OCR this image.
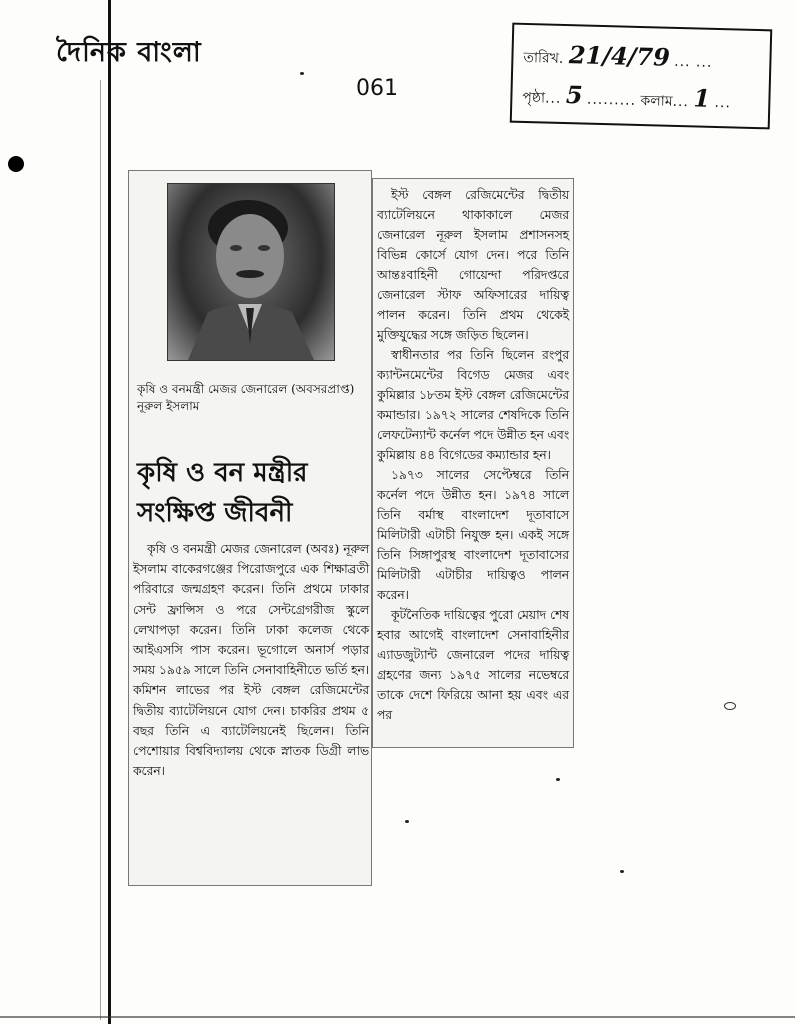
দৈনিক বাংলা
061
তারিখ. 21/4/79 ... ...
পৃষ্ঠা... 5 ......... কলাম... 1 ...
কৃষি ও বনমন্ত্রী মেজর জেনারেল (অবসরপ্রাপ্ত) নূরুল ইসলাম
কৃষি ও বন মন্ত্রীর
সংক্ষিপ্ত জীবনী

কৃষি ও বনমন্ত্রী মেজর জেনারেল (অবঃ) নূরুল ইসলাম বাকেরগঞ্জের পিরোজপুরে এক শিক্ষাব্রতী পরিবারে জন্মগ্রহণ করেন। তিনি প্রথমে ঢাকার সেন্ট ফ্রান্সিস ও পরে সেন্টগ্রেগরীজ স্কুলে লেখাপড়া করেন। তিনি ঢাকা কলেজ থেকে আইএসসি পাস করেন। ভূগোলে অনার্স পড়ার সময় ১৯৫৯ সালে তিনি সেনাবাহিনীতে ভর্তি হন। কমিশন লাভের পর ইস্ট বেঙ্গল রেজিমেন্টের দ্বিতীয় ব্যাটেলিয়নে যোগ দেন। চাকরির প্রথম ৫ বছর তিনি এ ব্যাটেলিয়নেই ছিলেন। তিনি পেশোয়ার বিশ্ববিদ্যালয় থেকে স্নাতক ডিগ্রী লাভ করেন।

ইস্ট বেঙ্গল রেজিমেন্টের দ্বিতীয় ব্যাটেলিয়নে থাকাকালে মেজর জেনারেল নূরুল ইসলাম প্রশাসনসহ বিভিন্ন কোর্সে যোগ দেন। পরে তিনি আন্তঃবাহিনী গোয়েন্দা পরিদপ্তরে জেনারেল স্টাফ অফিসারের দায়িত্ব পালন করেন। তিনি প্রথম থেকেই মুক্তিযুদ্ধের সঙ্গে জড়িত ছিলেন।

স্বাধীনতার পর তিনি ছিলেন রংপুর ক্যান্টনমেন্টের বিগেড মেজর এবং কুমিল্লার ১৮তম ইস্ট বেঙ্গল রেজিমেন্টের কমান্ডার। ১৯৭২ সালের শেষদিকে তিনি লেফটেন্যান্ট কর্নেল পদে উন্নীত হন এবং কুমিল্লায় ৪৪ বিগেডের কম্যান্ডার হন।

১৯৭৩ সালের সেপ্টেম্বরে তিনি কর্নেল পদে উন্নীত হন। ১৯৭৪ সালে তিনি বর্মাস্থ বাংলাদেশ দূতাবাসে মিলিটারী এটাচী নিযুক্ত হন। একই সঙ্গে তিনি সিঙ্গাপুরস্থ বাংলাদেশ দূতাবাসের মিলিটারী এটাচীর দায়িত্বও পালন করেন।

কূটনৈতিক দায়িত্বের পুরো মেয়াদ শেষ হবার আগেই বাংলাদেশ সেনাবাহিনীর এ্যাডজুট্যান্ট জেনারেল পদের দায়িত্ব গ্রহণের জন্য ১৯৭৫ সালের নভেম্বরে তাকে দেশে ফিরিয়ে আনা হয় এবং এর পর
